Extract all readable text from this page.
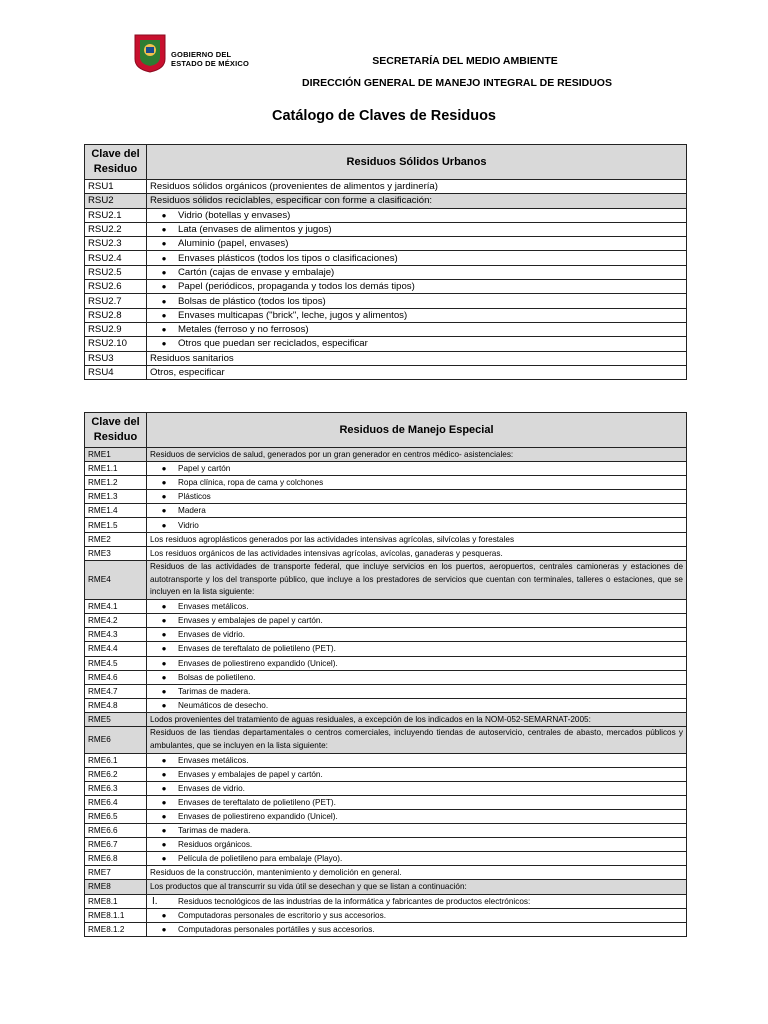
GOBIERNO DEL
ESTADO DE MÉXICO	SECRETARÍA DEL MEDIO AMBIENTE
DIRECCIÓN GENERAL DE MANEJO INTEGRAL DE RESIDUOS
Catálogo de Claves de Residuos
Clave del Residuo	Residuos Sólidos Urbanos
RSU1	Residuos sólidos orgánicos (provenientes de alimentos y jardinería)
RSU2	Residuos sólidos reciclables, especificar con forme a clasificación:
RSU2.1	● Vidrio (botellas y envases)
RSU2.2	● Lata (envases de alimentos y jugos)
RSU2.3	● Aluminio (papel, envases)
RSU2.4	● Envases plásticos (todos los tipos o clasificaciones)
RSU2.5	● Cartón (cajas de envase y embalaje)
RSU2.6	● Papel (periódicos, propaganda y todos los demás tipos)
RSU2.7	● Bolsas de plástico (todos los tipos)
RSU2.8	● Envases multicapas ("brick", leche, jugos y alimentos)
RSU2.9	● Metales (ferroso y no ferrosos)
RSU2.10	● Otros que puedan ser reciclados, especificar
RSU3	Residuos sanitarios
RSU4	Otros, especificar
Clave del Residuo	Residuos de Manejo Especial
RME1	Residuos de servicios de salud, generados por un gran generador en centros médico- asistenciales:
RME1.1	● Papel y cartón
RME1.2	● Ropa clínica, ropa de cama y colchones
RME1.3	● Plásticos
RME1.4	● Madera
RME1.5	● Vidrio
RME2	Los residuos agroplásticos generados por las actividades intensivas agrícolas, silvícolas y forestales
RME3	Los residuos orgánicos de las actividades intensivas agrícolas, avícolas, ganaderas y pesqueras.
RME4	Residuos de las actividades de transporte federal, que incluye servicios en los puertos, aeropuertos, centrales camioneras y estaciones de autotransporte y los del transporte público, que incluye a los prestadores de servicios que cuentan con terminales, talleres o estaciones, que se incluyen en la lista siguiente:
RME4.1	● Envases metálicos.
RME4.2	● Envases y embalajes de papel y cartón.
RME4.3	● Envases de vidrio.
RME4.4	● Envases de tereftalato de polietileno (PET).
RME4.5	● Envases de poliestireno expandido (Unicel).
RME4.6	● Bolsas de polietileno.
RME4.7	● Tarimas de madera.
RME4.8	● Neumáticos de desecho.
RME5	Lodos provenientes del tratamiento de aguas residuales, a excepción de los indicados en la NOM-052-SEMARNAT-2005:
RME6	Residuos de las tiendas departamentales o centros comerciales, incluyendo tiendas de autoservicio, centrales de abasto, mercados públicos y ambulantes, que se incluyen en la lista siguiente:
RME6.1	● Envases metálicos.
RME6.2	● Envases y embalajes de papel y cartón.
RME6.3	● Envases de vidrio.
RME6.4	● Envases de tereftalato de polietileno (PET).
RME6.5	● Envases de poliestireno expandido (Unicel).
RME6.6	● Tarimas de madera.
RME6.7	● Residuos orgánicos.
RME6.8	● Película de polietileno para embalaje (Playo).
RME7	Residuos de la construcción, mantenimiento y demolición en general.
RME8	Los productos que al transcurrir su vida útil se desechan y que se listan a continuación:
RME8.1	I. Residuos tecnológicos de las industrias de la informática y fabricantes de productos electrónicos:
RME8.1.1	● Computadoras personales de escritorio y sus accesorios.
RME8.1.2	● Computadoras personales portátiles y sus accesorios.
